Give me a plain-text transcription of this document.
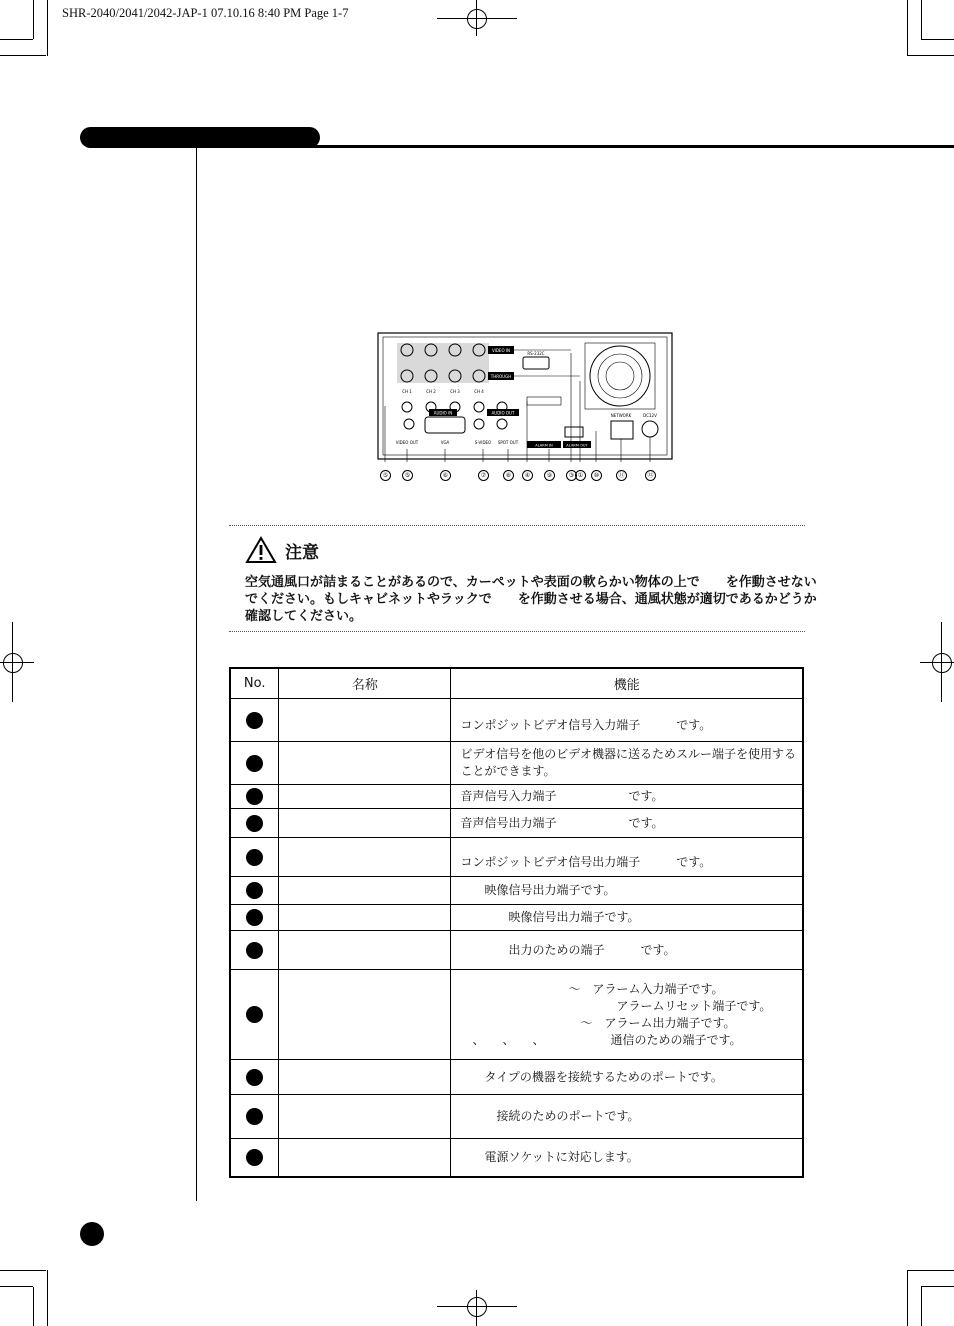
SHR-2040/2041/2042-JAP-1 07.10.16 8:40 PM Page 1-7
VIDEO IN
THROUGH
RS-232C
CH 1	CH 2	CH 3	CH 4
AUDIO IN	AUDIO OUT
VIDEO OUT	VGA	S-VIDEO SPOT OUT
NETWORK	DC12V
ALARM IN	ALARM OUT
⑤	⑤	⑥	⑦	⑧	④	⑨	③ ①	⑩	⑪	⑫
注意
空気通風口が詰まることがあるので、カーペットや表面の軟らかい物体の上で　　を作動させない
でください。もしキャビネットやラックで　　を作動させる場合、通風状態が適切であるかどうか
確認してください。
No.	名称	機能

		コンポジットビデオ信号入力端子　　　です。

		ビデオ信号を他のビデオ機器に送るためスルー端子を使用する
ことができます。

		音声信号入力端子　　　　　　です。

		音声信号出力端子　　　　　　です。

		コンポジットビデオ信号出力端子　　　です。

		　　映像信号出力端子です。

		　　　　映像信号出力端子です。

		　　　　出力のための端子　　　です。

		　　　　　　　　　～　アラーム入力端子です。
　　　　　　　　　　　　　アラームリセット端子です。
　　　　　　　　　　～　アラーム出力端子です。
　、　　、　　、　　　　　　通信のための端子です。

		　　タイプの機器を接続するためのポートです。

		　　　接続のためのポートです。

		　　電源ソケットに対応します。
